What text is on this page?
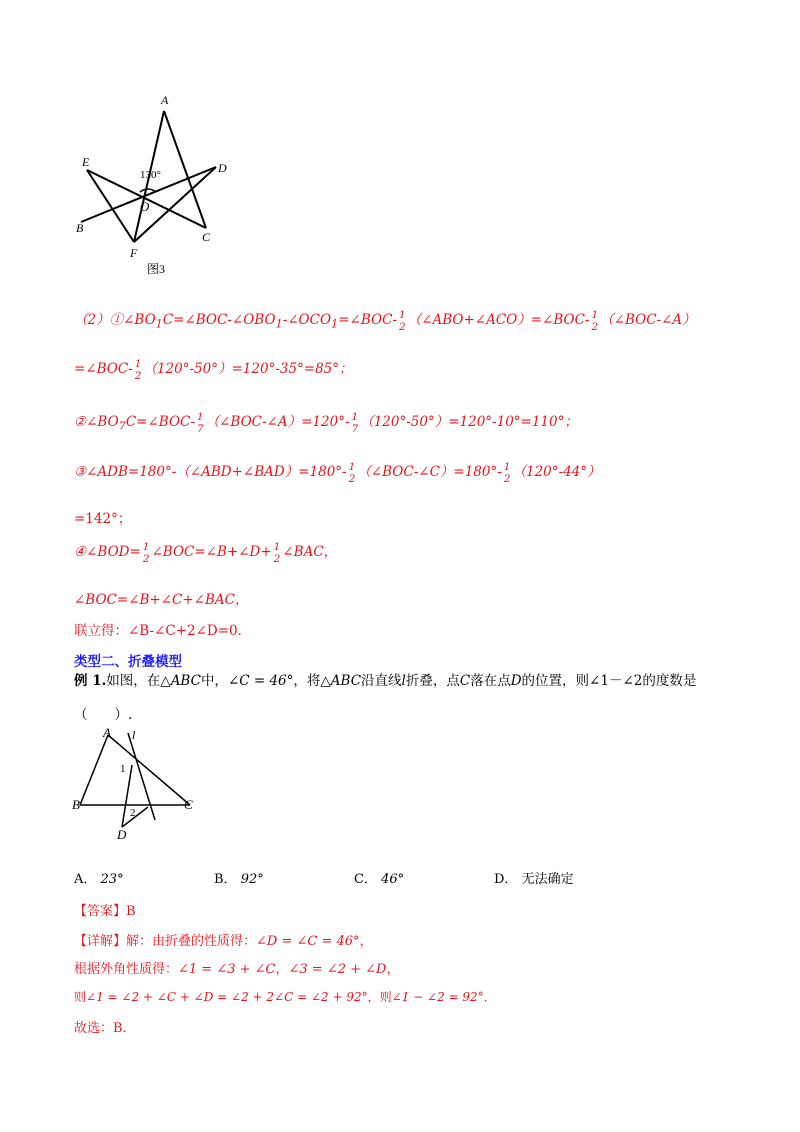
A
E	D
130°
O
B
C
F
图3
$(2)①\angle BO_1C=\angle BOC-\angle OBO_1-\angle OCO_1=\angle BOC-$ 1
2 （∠ABO+∠ACO）=∠BOC- 1
2 （∠BOC-∠A）
=∠BOC- 1
2 （120°-50°）=120°-35°=85°；
$②\angle BO_7C=\angle BOC-$ 1
7 （∠BOC-∠A）=120°- 1
7 （120°-50°）=120°-10°=110°；
③∠ADB=180°-（∠ABD+∠BAD）=180°- 1
2 （∠BOC-∠C）=180°- 1
2 （120°-44°）
=142°；
④∠BOD= 1
2 ∠BOC=∠B+∠D+ 1
2 ∠BAC，
∠BOC=∠B+∠C+∠BAC，
联立得：∠B-∠C+2∠D=0．
类型二、折叠模型
例 1.如图，在△ABC中，∠C = 46°，将△ABC沿直线l折叠，点C落在点D的位置，则∠1－∠2的度数是
（　　）.
A l
1
B	C
2
D
A． 23°	B． 92°	C． 46°	D． 无法确定
【答案】B
【详解】解：由折叠的性质得：∠D = ∠C = 46°，
根据外角性质得：∠1 = ∠3 + ∠C，∠3 = ∠2 + ∠D，
则∠1 = ∠2 + ∠C + ∠D = ∠2 + 2∠C = ∠2 + 92°，则∠1 − ∠2 = 92°．
故选：B．
